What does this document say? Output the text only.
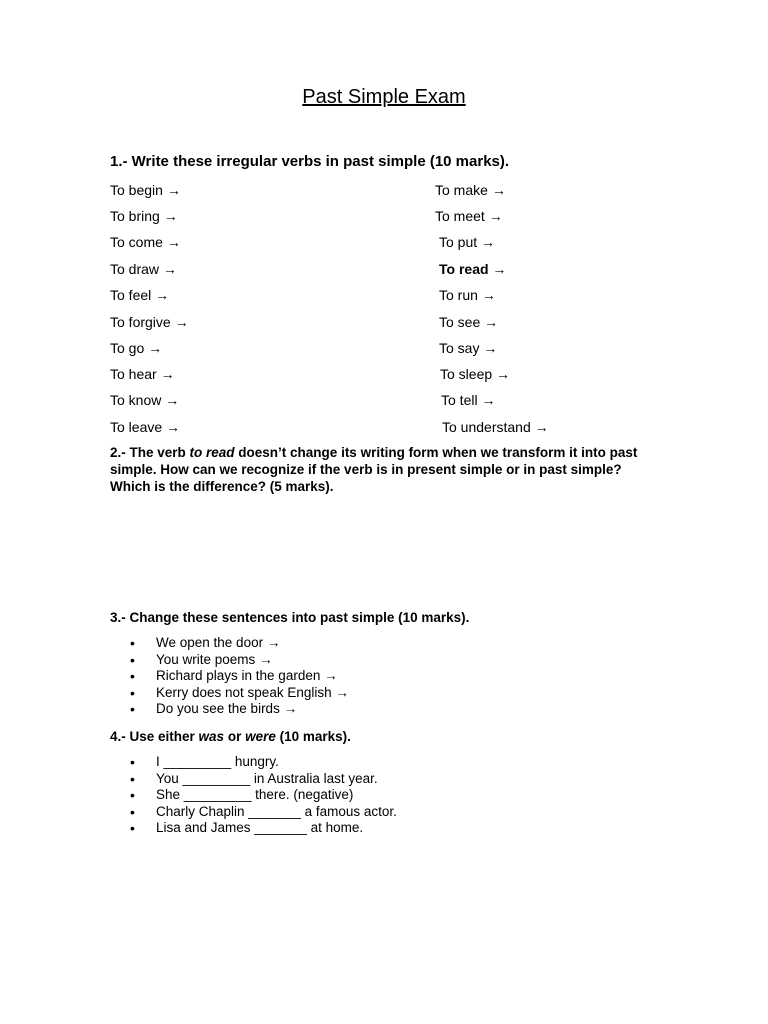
Past Simple Exam
1.- Write these irregular verbs in past simple (10 marks).
To begin →
To bring →
To come →
To draw →
To feel →
To forgive →
To go →
To hear →
To know →
To leave →
To make →
To meet →
To put →
To read →
To run →
To see →
To say →
To sleep →
To tell →
To understand →
2.- The verb to read doesn’t change its writing form when we transform it into past simple. How can we recognize if the verb is in present simple or in past simple? Which is the difference? (5 marks).
3.- Change these sentences into past simple (10 marks).
• We open the door →
• You write poems →
• Richard plays in the garden →
• Kerry does not speak English →
• Do you see the birds →
4.- Use either was or were (10 marks).
• I _________ hungry.
• You _________ in Australia last year.
• She _________ there. (negative)
• Charly Chaplin _______ a famous actor.
• Lisa and James _______ at home.
